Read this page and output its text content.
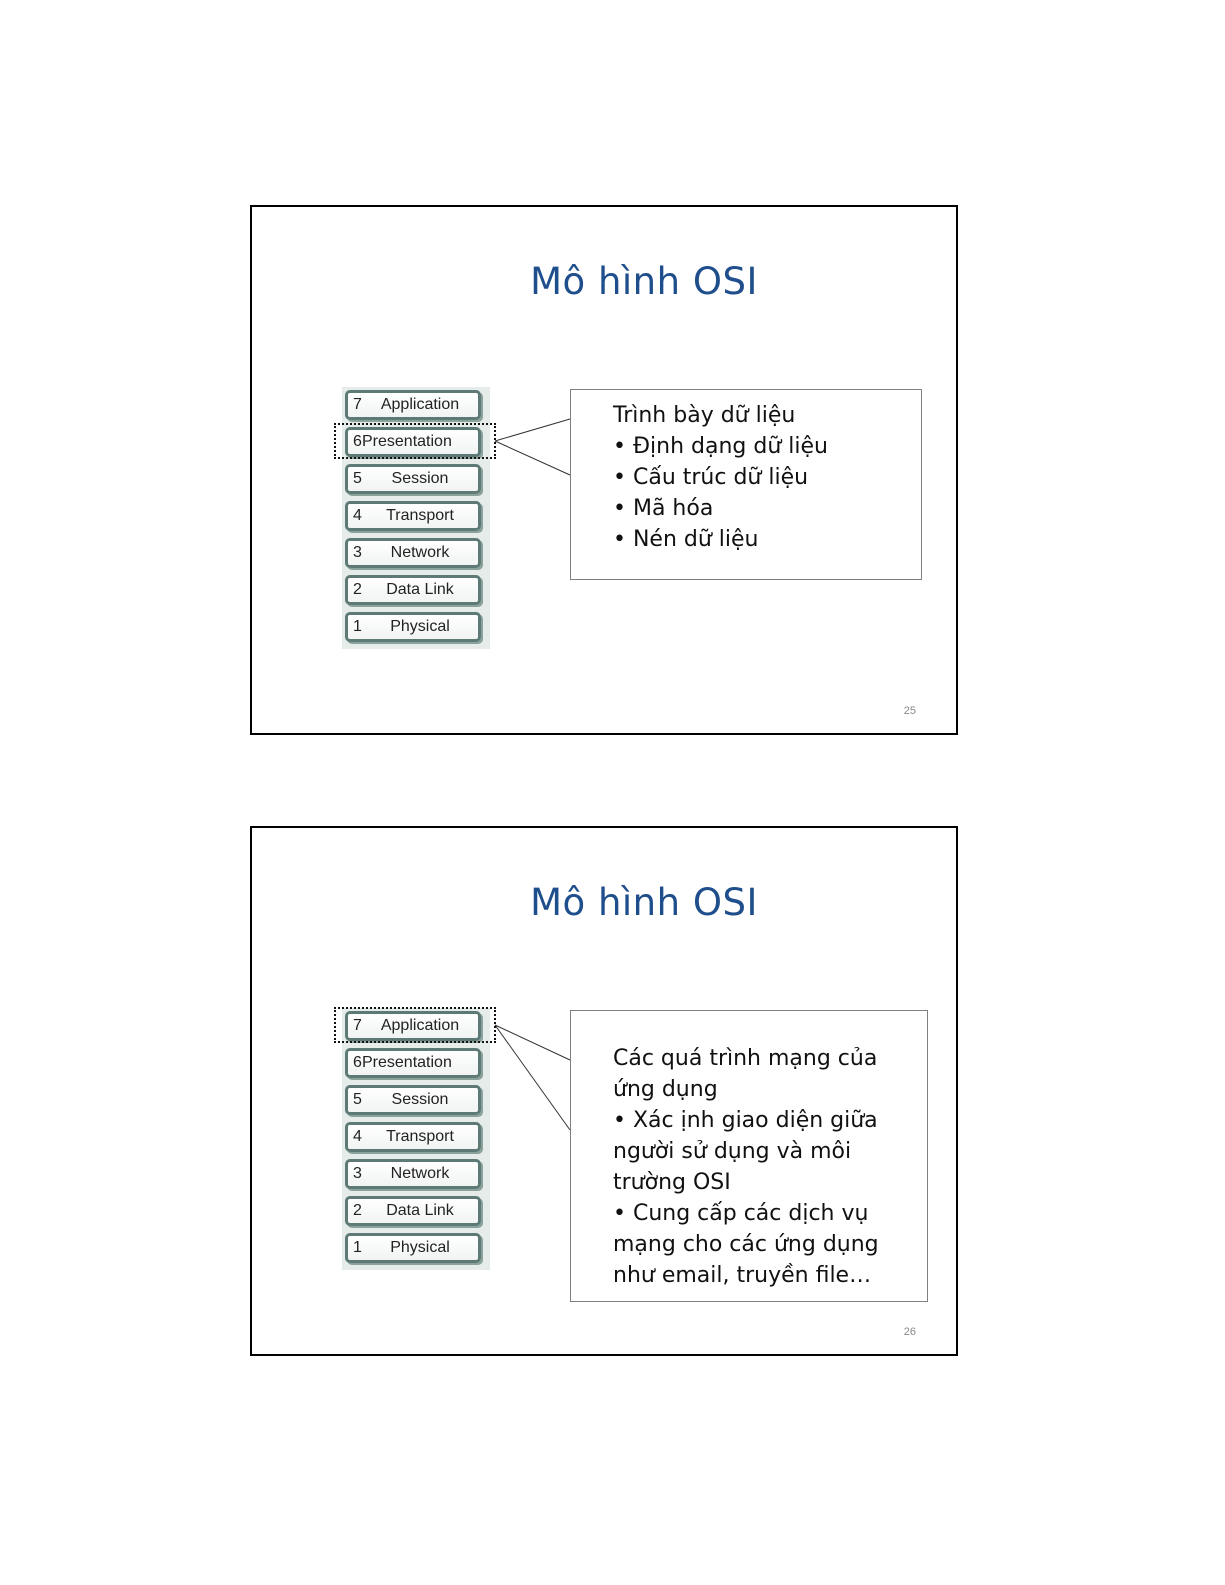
Mô hình OSI
7	Application
6 Presentation
5	Session
4	Transport
3	Network
2	Data Link
1	Physical

Trình bày dữ liệu

• Định dạng dữ liệu

• Cấu trúc dữ liệu

• Mã hóa

• Nén dữ liệu

25
Mô hình OSI
7	Application
6 Presentation
5	Session
4	Transport
3	Network
2	Data Link
1	Physical

Các quá trình mạng của

ứng dụng

• Xác ịnh giao diện giữa

người sử dụng và môi

trường OSI

• Cung cấp các dịch vụ

mạng cho các ứng dụng

như email, truyền file…

26
